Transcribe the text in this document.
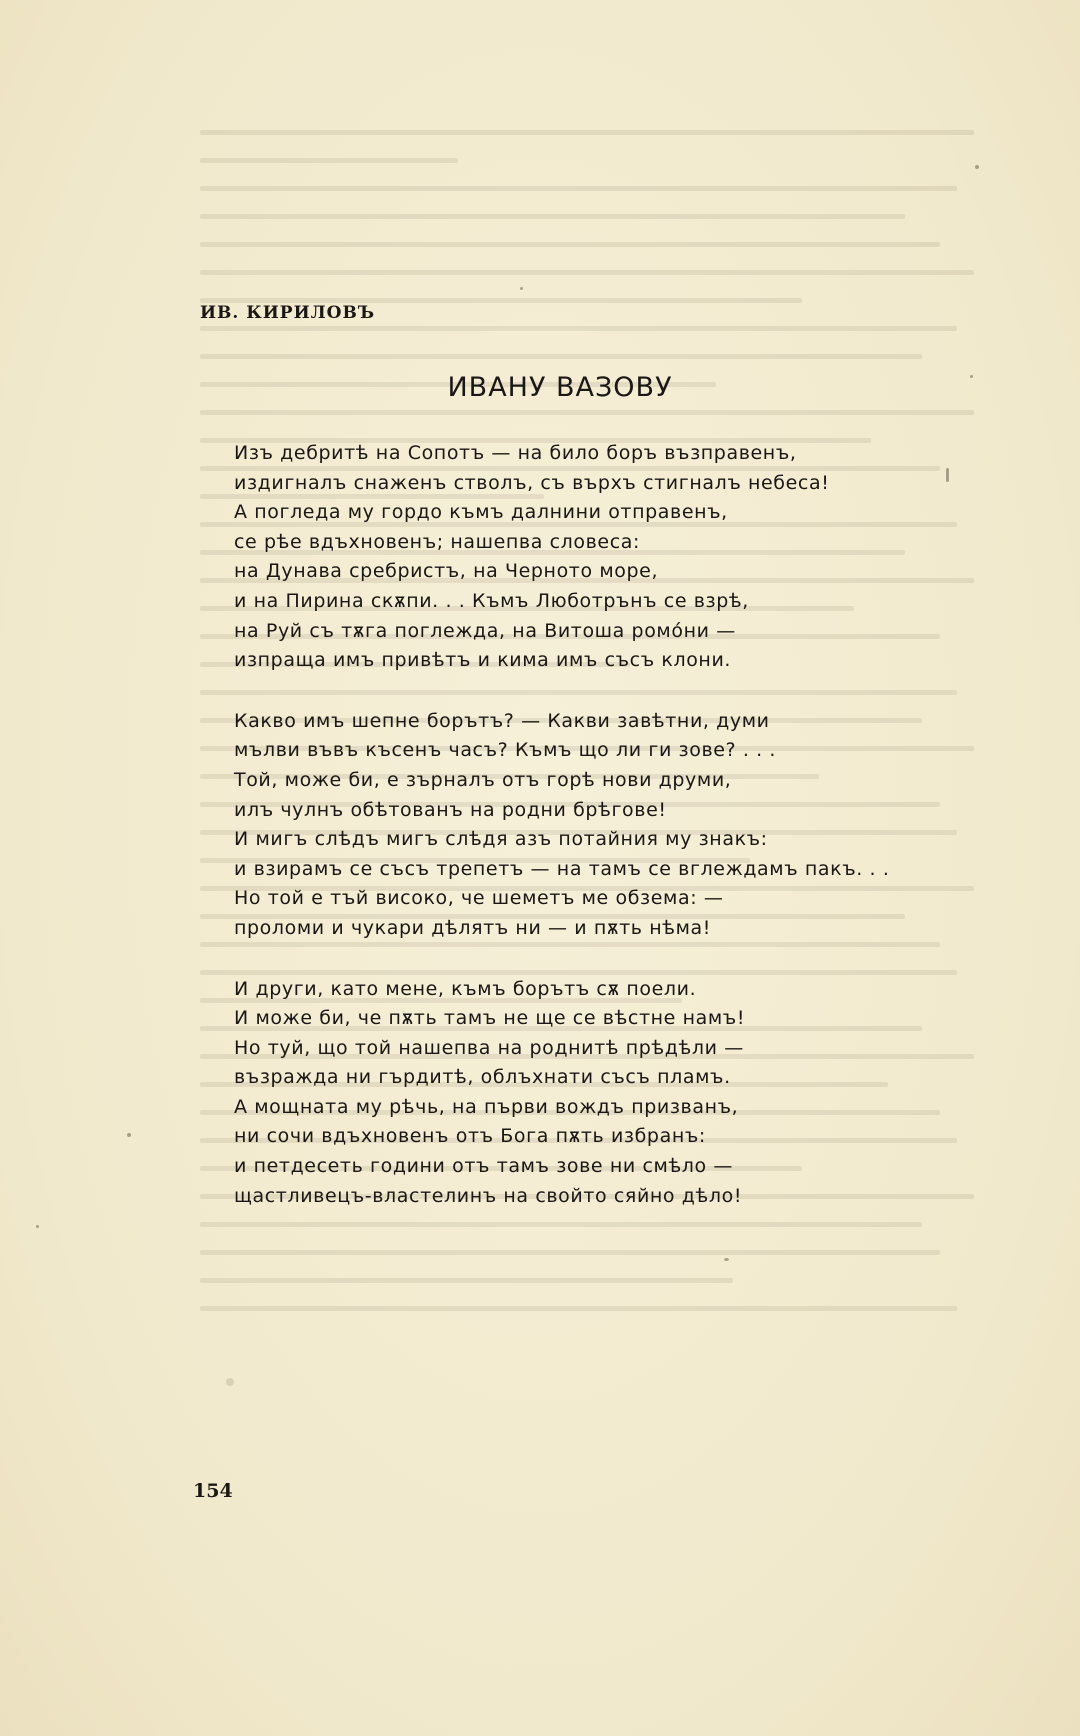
ИВ. КИРИЛОВЪ
ИВАНУ ВАЗОВУ
Изъ дебритѣ на Сопотъ — на било боръ възправенъ,
издигналъ снаженъ стволъ, съ върхъ стигналъ небеса!
А погледа му гордо къмъ далнини отправенъ,
се рѣе вдъхновенъ; нашепва словеса:
на Дунава сребристъ, на Черното море,
и на Пирина скѫпи. . . Къмъ Люботрънъ се взрѣ,
на Руй съ тѫга поглежда, на Витоша ромо́ни —
изпраща имъ привѣтъ и кима имъ съсъ клони.
Какво имъ шепне борътъ? — Какви завѣтни, думи
мълви въвъ късенъ часъ? Къмъ що ли ги зове? . . .
Той, може би, е зърналъ отъ горѣ нови друми,
илъ чулнъ обѣтованъ на родни брѣгове!
И мигъ слѣдъ мигъ слѣдя азъ потайния му знакъ:
и взирамъ се съсъ трепетъ — на тамъ се вглеждамъ пакъ. . .
Но той е тъй високо, че шеметъ ме обзема: —
проломи и чукари дѣлятъ ни — и пѫть нѣма!
И други, като мене, къмъ борътъ сѫ поели.
И може би, че пѫть тамъ не ще се вѣстне намъ!
Но туй, що той нашепва на роднитѣ прѣдѣли —
възражда ни гърдитѣ, облъхнати съсъ пламъ.
А мощната му рѣчь, на първи вождъ призванъ,
ни сочи вдъхновенъ отъ Бога пѫть избранъ:
и петдесеть години отъ тамъ зове ни смѣло —
щастливецъ-властелинъ на свойто сяйно дѣло!
154
